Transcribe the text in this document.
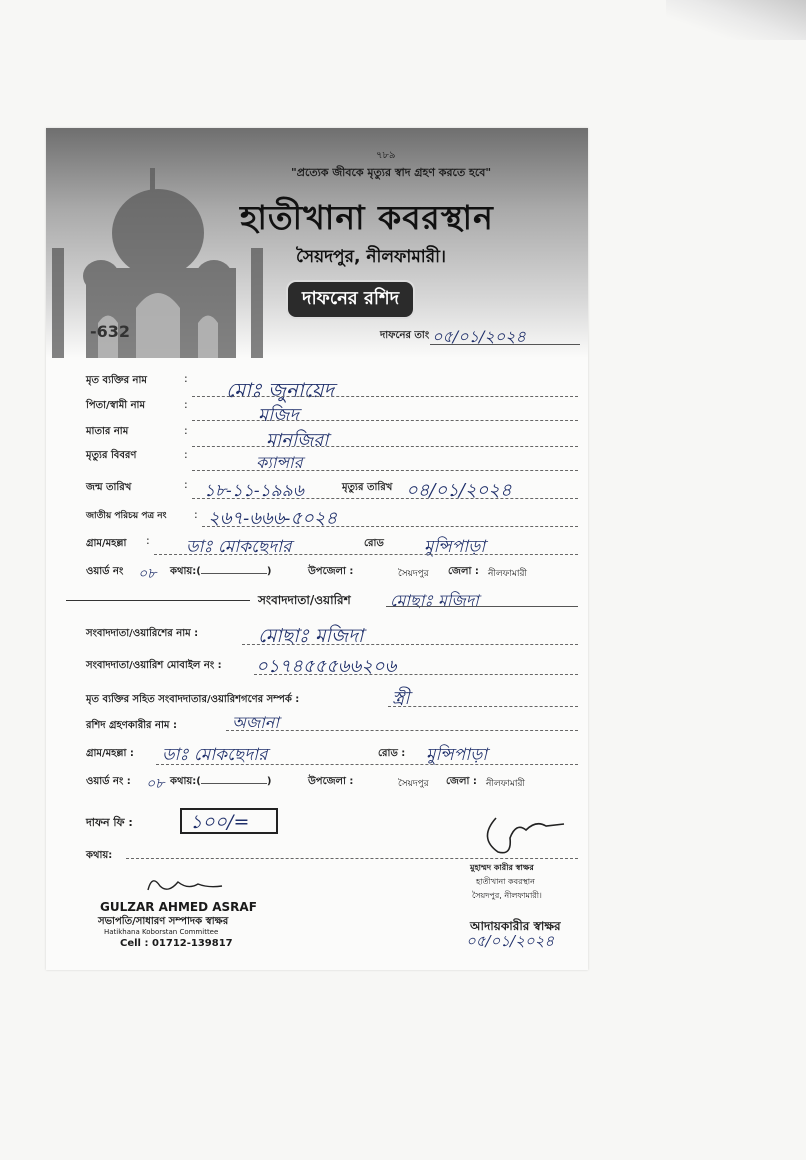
৭৮৯
"প্রত্যেক জীবকে মৃত্যুর স্বাদ গ্রহণ করতে হবে"
হাতীখানা কবরস্থান
সৈয়দপুর, নীলফামারী।
দাফনের রশিদ
-632	দাফনের তাং ০৫/০১/২০২৪
মৃত ব্যক্তির নাম	: মোঃ জুনায়েদ
পিতা/স্বামী নাম	:
মজিদ
মাতার নাম	:	মানজিরা
মৃত্যুর বিবরণ	:	ক্যান্সার
জন্ম তারিখ	: ১৮-১১-১৯৯৬	মৃত্যুর তারিখ ০৪/০১/২০২৪
জাতীয় পরিচয় পত্র নং	: ২৬৭-৬৬৬-৫০২৪
গ্রাম/মহল্লা : ডাঃ মোকছেদার	রোড মুন্সিপাড়া
ওয়ার্ড নং ০৮ কথায়:(	)	উপজেলা :	সৈয়দপুর জেলা : নীলফামারী
সংবাদদাতা/ওয়ারিশ মোছাঃ মজিদা
সংবাদদাতা/ওয়ারিশের নাম :	মোছাঃ মজিদা
সংবাদদাতা/ওয়ারিশ মোবাইল নং : ০১৭৪৫৫৫৬৬২০৬
মৃত ব্যক্তির সহিত সংবাদদাতার/ওয়ারিশগণের সম্পর্ক :	স্ত্রী
রশিদ গ্রহণকারীর নাম :	অজানা
গ্রাম/মহল্লা : ডাঃ মোকছেদার	রোড : মুন্সিপাড়া
ওয়ার্ড নং : ০৮ কথায়:(	)	উপজেলা :	সৈয়দপুর জেলা : নীলফামারী
দাফন ফি :	১০০/=
কথায়:
মুহাম্মদ কারীর স্বাক্ষর
হাতীখানা কবরস্থান
সৈয়দপুর, নীলফামারী।
GULZAR AHMED ASRAF
সভাপতি/সাধারণ সম্পাদক স্বাক্ষর
Hatikhana Koborstan Committee
Cell : 01712-139817
আদায়কারীর স্বাক্ষর
০৫/০১/২০২৪
